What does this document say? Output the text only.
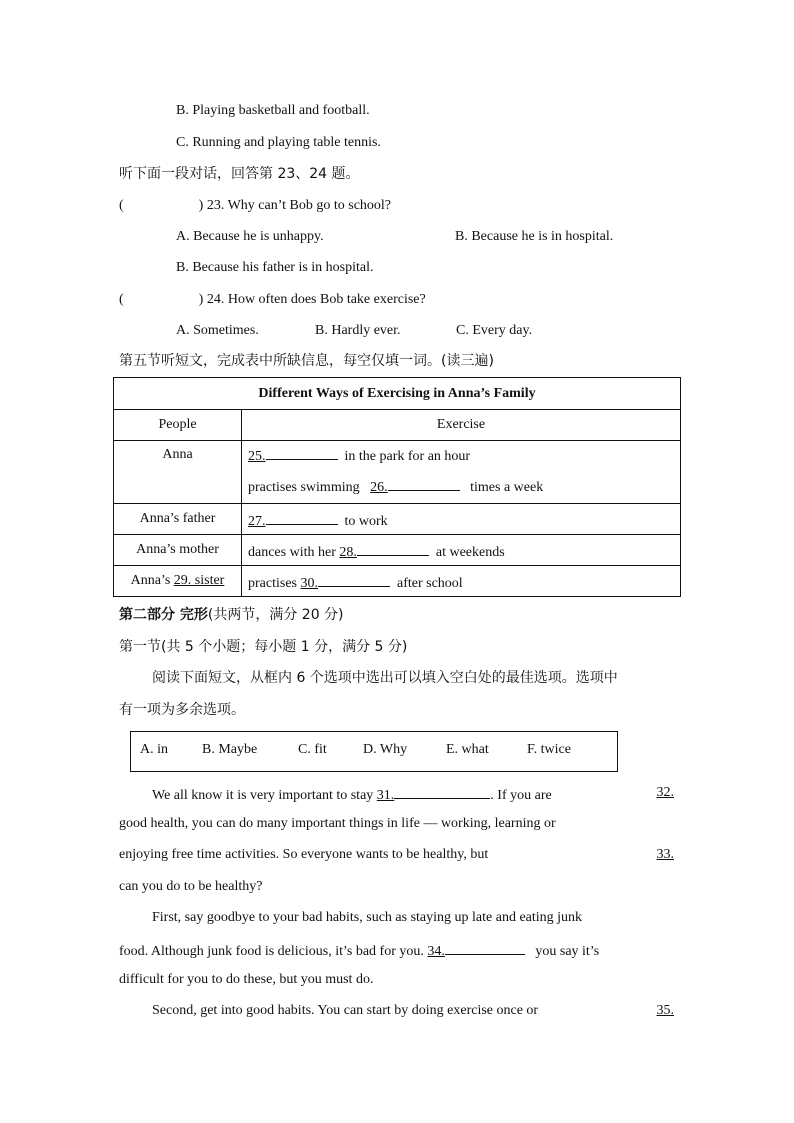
B. Playing basketball and football.
C. Running and playing table tennis.
听下面一段对话，回答第 23、24 题。
(	) 23. Why can’t Bob go to school?
A. Because he is unhappy.	B. Because he is in hospital.
B. Because his father is in hospital.
(	) 24. How often does Bob take exercise?
A. Sometimes.	B. Hardly ever.	C. Every day.
第五节听短文，完成表中所缺信息，每空仅填一词。(读三遍)
Different Ways of Exercising in Anna’s Family	
People	Exercise
Anna	25. in the park for an hour
practises swimming 26. times a week

Anna’s father	27. to work
Anna’s mother	dances with her 28. at weekends
Anna’s 29. sister	practises 30. after school
第二部分 完形(共两节，满分 20 分)
第一节(共 5 个小题；每小题 1 分，满分 5 分)
阅读下面短文，从框内 6 个选项中选出可以填入空白处的最佳选项。选项中
有一项为多余选项。
A. in B. Maybe	C. fit	D. Why	E. what	F. twice
We all know it is very important to stay 31.	. If you are	32.
good health, you can do many important things in life — working, learning or
enjoying free time activities. So everyone wants to be healthy, but	33.
can you do to be healthy?
First, say goodbye to your bad habits, such as staying up late and eating junk
food. Although junk food is delicious, it’s bad for you. 34.	you say it’s
difficult for you to do these, but you must do.
Second, get into good habits. You can start by doing exercise once or	35.
